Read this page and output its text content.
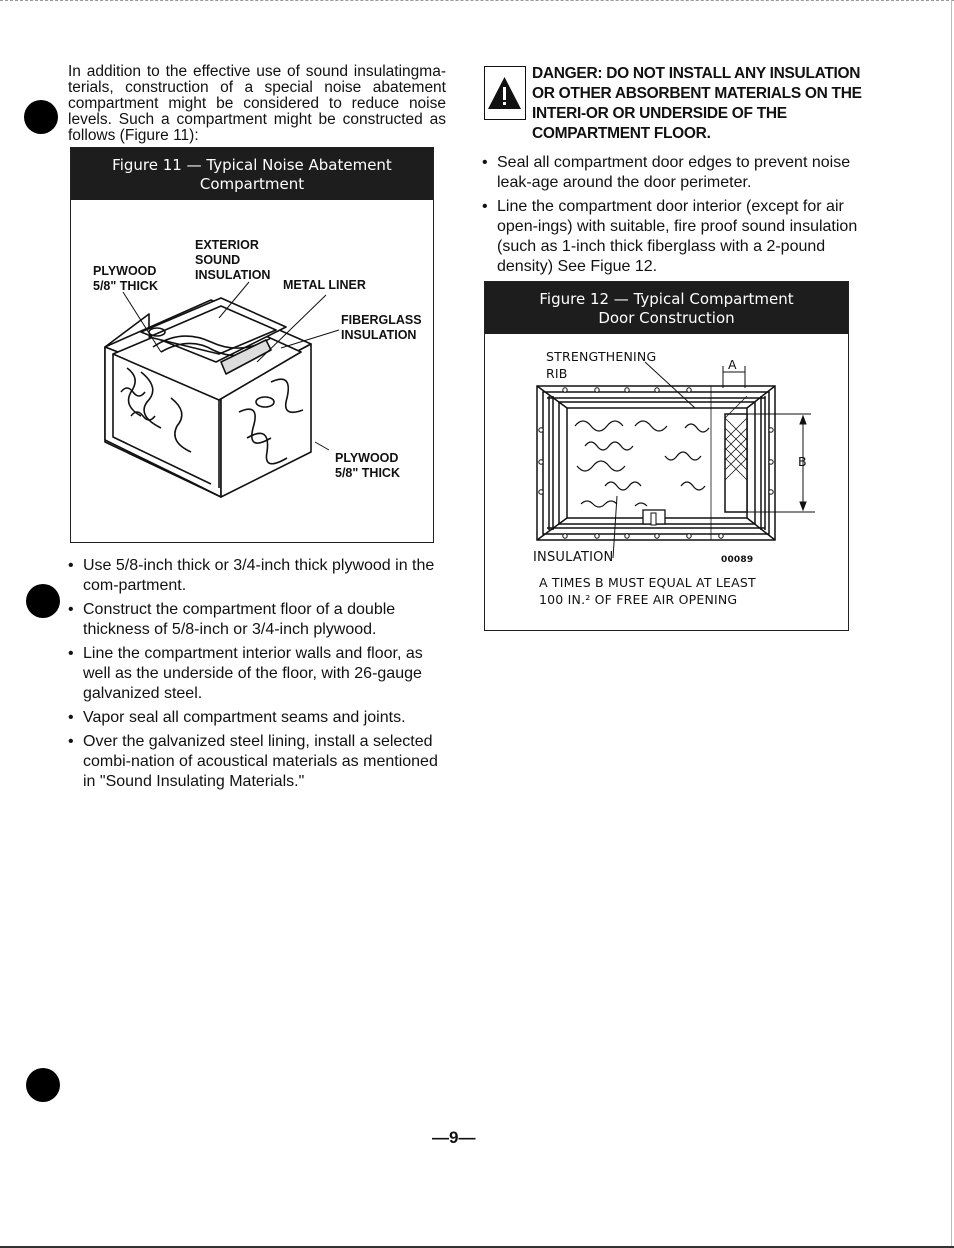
In addition to the effective use of sound insulatingma-terials, construction of a special noise abatement compartment might be considered to reduce noise levels. Such a compartment might be constructed as follows (Figure 11):
Figure 11 — Typical Noise Abatement
Compartment
EXTERIOR
SOUND
INSULATION
PLYWOOD
5/8" THICK	METAL LINER
FIBERGLASS
INSULATION
PLYWOOD
5/8" THICK
• Use 5/8-inch thick or 3/4-inch thick plywood in the com-partment.
• Construct the compartment floor of a double thickness of 5/8-inch or 3/4-inch plywood.
• Line the compartment interior walls and floor, as well as the underside of the floor, with 26-gauge galvanized steel.
• Vapor seal all compartment seams and joints.
• Over the galvanized steel lining, install a selected combi-nation of acoustical materials as mentioned in "Sound Insulating Materials."
DANGER: DO NOT INSTALL ANY INSULATION OR OTHER ABSORBENT MATERIALS ON THE INTERI-OR OR UNDERSIDE OF THE COMPARTMENT FLOOR.
• Seal all compartment door edges to prevent noise leak-age around the door perimeter.
• Line the compartment door interior (except for air open-ings) with suitable, fire proof sound insulation (such as 1-inch thick fiberglass with a 2-pound density) See Figue 12.
Figure 12 — Typical Compartment
Door Construction
STRENGTHENING
RIB
A
B
INSULATION	00089
A TIMES B MUST EQUAL AT LEAST
100 IN.² OF FREE AIR OPENING
—9—
